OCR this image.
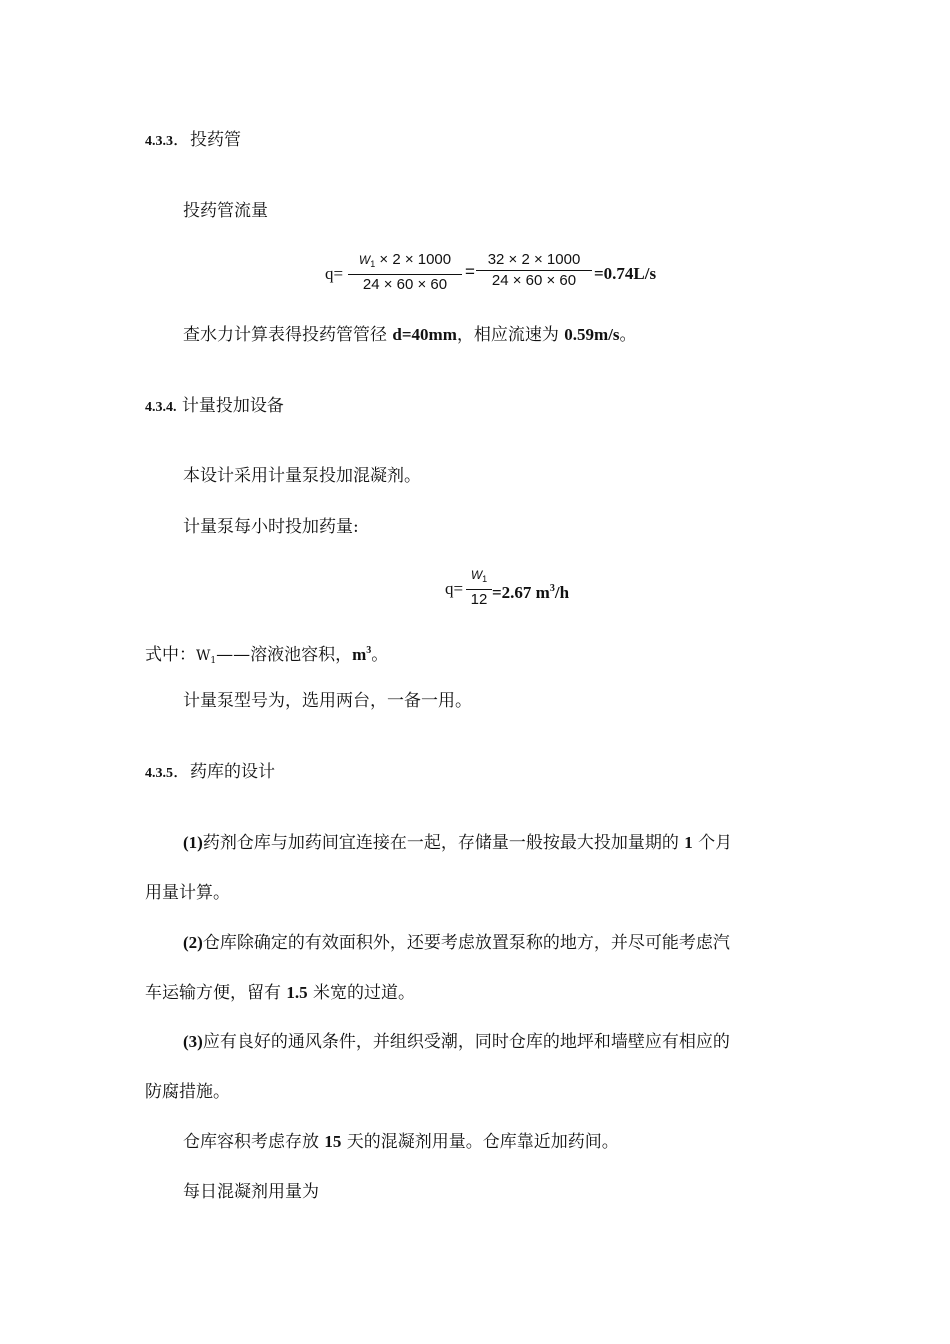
4.3.3．投药管
投药管流量
q=
$W_1 \times 2 \times 1000$
24 × 60 × 60
=
32 × 2 × 1000
24 × 60 × 60	=0.74L/s
查水力计算表得投药管管径 d=40mm，相应流速为 0.59m/s。
4.3.4. 计量投加设备
本设计采用计量泵投加混凝剂。
计量泵每小时投加药量:
q=
$W_1$
12 =2.67 $m^3/h$
式中：$W_1——$溶液池容积，$m^3$。
计量泵型号为，选用两台，一备一用。
4.3.5．药库的设计
(1)药剂仓库与加药间宜连接在一起，存储量一般按最大投加量期的 1 个月
用量计算。
(2)仓库除确定的有效面积外，还要考虑放置泵称的地方，并尽可能考虑汽
车运输方便，留有 1.5 米宽的过道。
(3)应有良好的通风条件，并组织受潮，同时仓库的地坪和墙壁应有相应的
防腐措施。
仓库容积考虑存放 15 天的混凝剂用量。仓库靠近加药间。
每日混凝剂用量为
